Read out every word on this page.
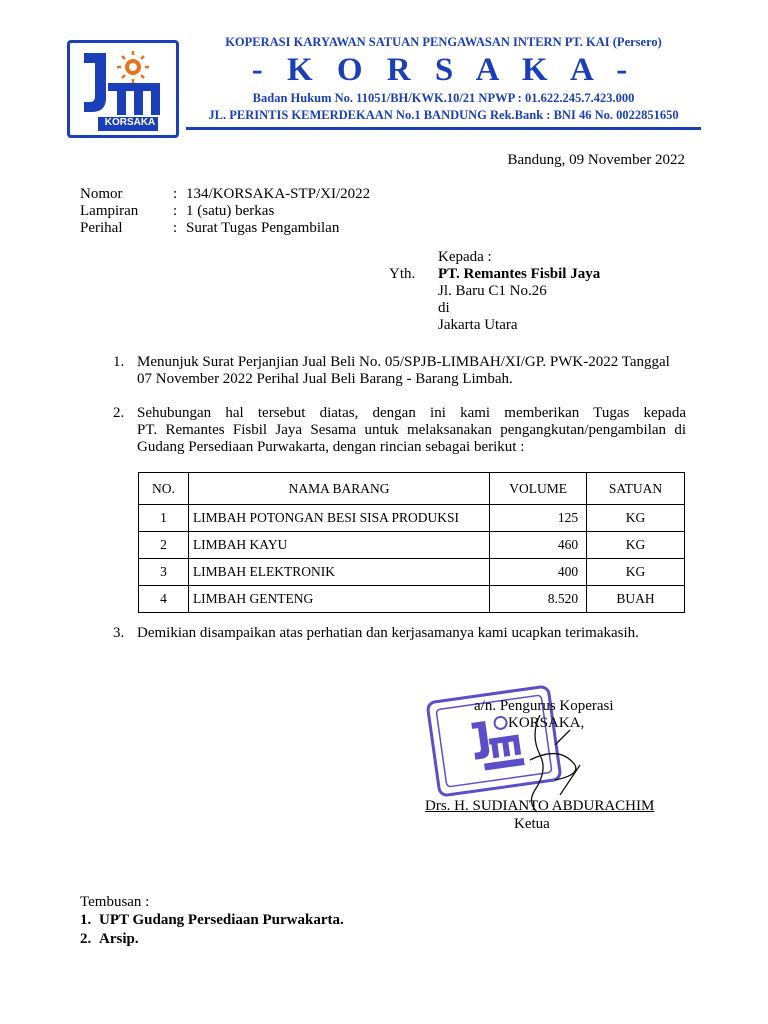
KORSAKA
KOPERASI KARYAWAN SATUAN PENGAWASAN INTERN PT. KAI (Persero)
- K O R S A K A -
Badan Hukum No. 11051/BH/KWK.10/21 NPWP : 01.622.245.7.423.000
JL. PERINTIS KEMERDEKAAN No.1 BANDUNG Rek.Bank : BNI 46 No. 0022851650
Bandung, 09 November 2022
Nomor	: 134/KORSAKA-STP/XI/2022
Lampiran : 1 (satu) berkas
Perihal	: Surat Tugas Pengambilan
Kepada :
Yth. PT. Remantes Fisbil Jaya
Jl. Baru C1 No.26
di
Jakarta Utara
1. Menunjuk Surat Perjanjian Jual Beli No. 05/SPJB-LIMBAH/XI/GP. PWK-2022 Tanggal
07 November 2022 Perihal Jual Beli Barang - Barang Limbah.
2. Sehubungan hal tersebut diatas, dengan ini kami memberikan Tugas kepada
PT. Remantes Fisbil Jaya Sesama untuk melaksanakan pengangkutan/pengambilan di
Gudang Persediaan Purwakarta, dengan rincian sebagai berikut :
NO.	NAMA BARANG	VOLUME	SATUAN
1	LIMBAH POTONGAN BESI SISA PRODUKSI	125	KG
2	LIMBAH KAYU	460	KG
3	LIMBAH ELEKTRONIK	400	KG
4	LIMBAH GENTENG	8.520	BUAH
3. Demikian disampaikan atas perhatian dan kerjasamanya kami ucapkan terimakasih.
a/n. Pengurus Koperasi
KORSAKA,
Drs. H. SUDIANTO ABDURACHIM
Ketua
Tembusan :
1. UPT Gudang Persediaan Purwakarta.
2. Arsip.
